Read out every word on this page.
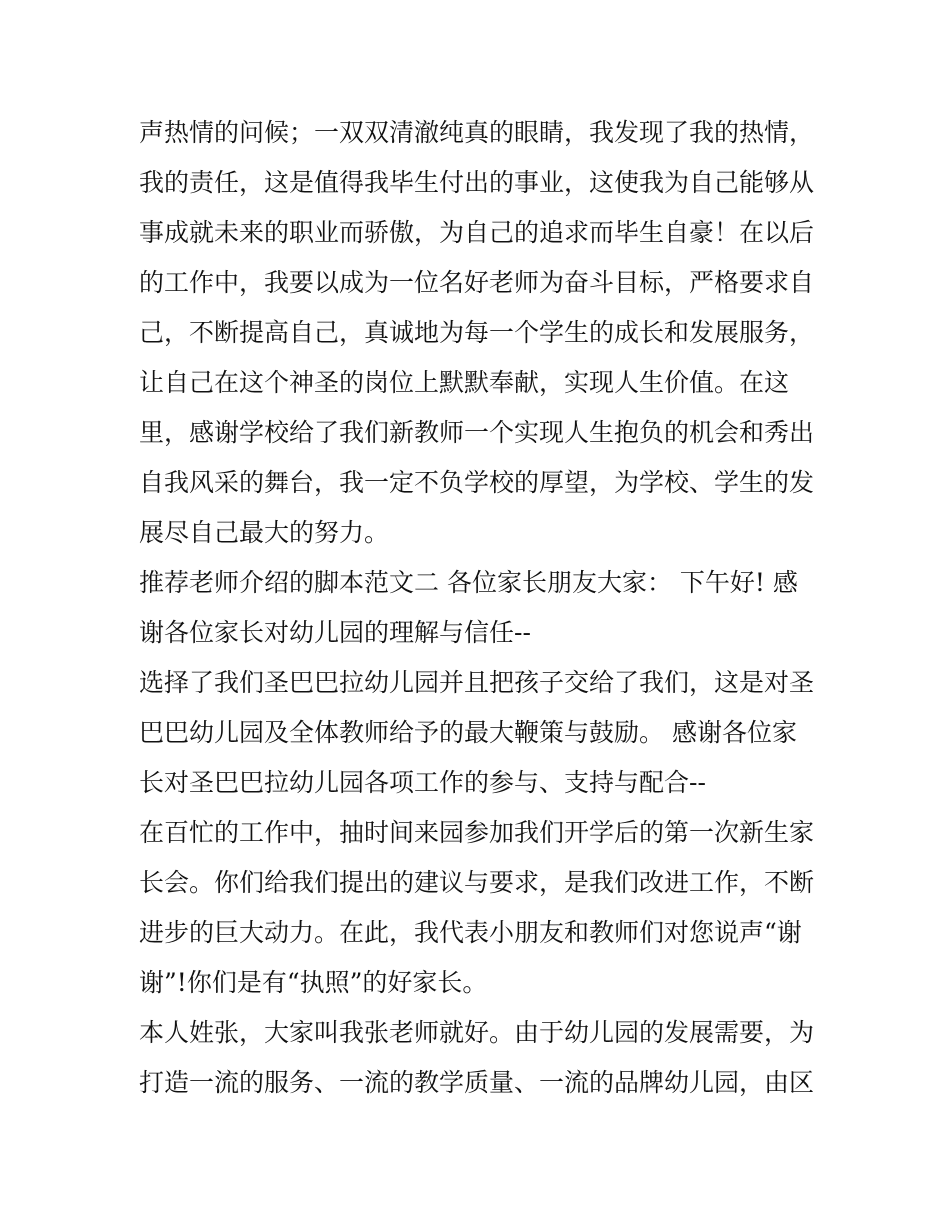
声热情的问候；一双双清澈纯真的眼睛，我发现了我的热情，
我的责任，这是值得我毕生付出的事业，这使我为自己能够从
事成就未来的职业而骄傲，为自己的追求而毕生自豪！在以后
的工作中，我要以成为一位名好老师为奋斗目标，严格要求自
己，不断提高自己，真诚地为每一个学生的成长和发展服务，
让自己在这个神圣的岗位上默默奉献，实现人生价值。在这
里，感谢学校给了我们新教师一个实现人生抱负的机会和秀出
自我风采的舞台，我一定不负学校的厚望，为学校、学生的发
展尽自己最大的努力。
推荐老师介绍的脚本范文二 各位家长朋友大家： 下午好! 感
谢各位家长对幼儿园的理解与信任--
选择了我们圣巴巴拉幼儿园并且把孩子交给了我们，这是对圣
巴巴幼儿园及全体教师给予的最大鞭策与鼓励。 感谢各位家
长对圣巴巴拉幼儿园各项工作的参与、支持与配合--
在百忙的工作中，抽时间来园参加我们开学后的第一次新生家
长会。你们给我们提出的建议与要求，是我们改进工作，不断
进步的巨大动力。在此，我代表小朋友和教师们对您说声“谢
谢”!你们是有“执照”的好家长。
本人姓张，大家叫我张老师就好。由于幼儿园的发展需要，为
打造一流的服务、一流的教学质量、一流的品牌幼儿园，由区
